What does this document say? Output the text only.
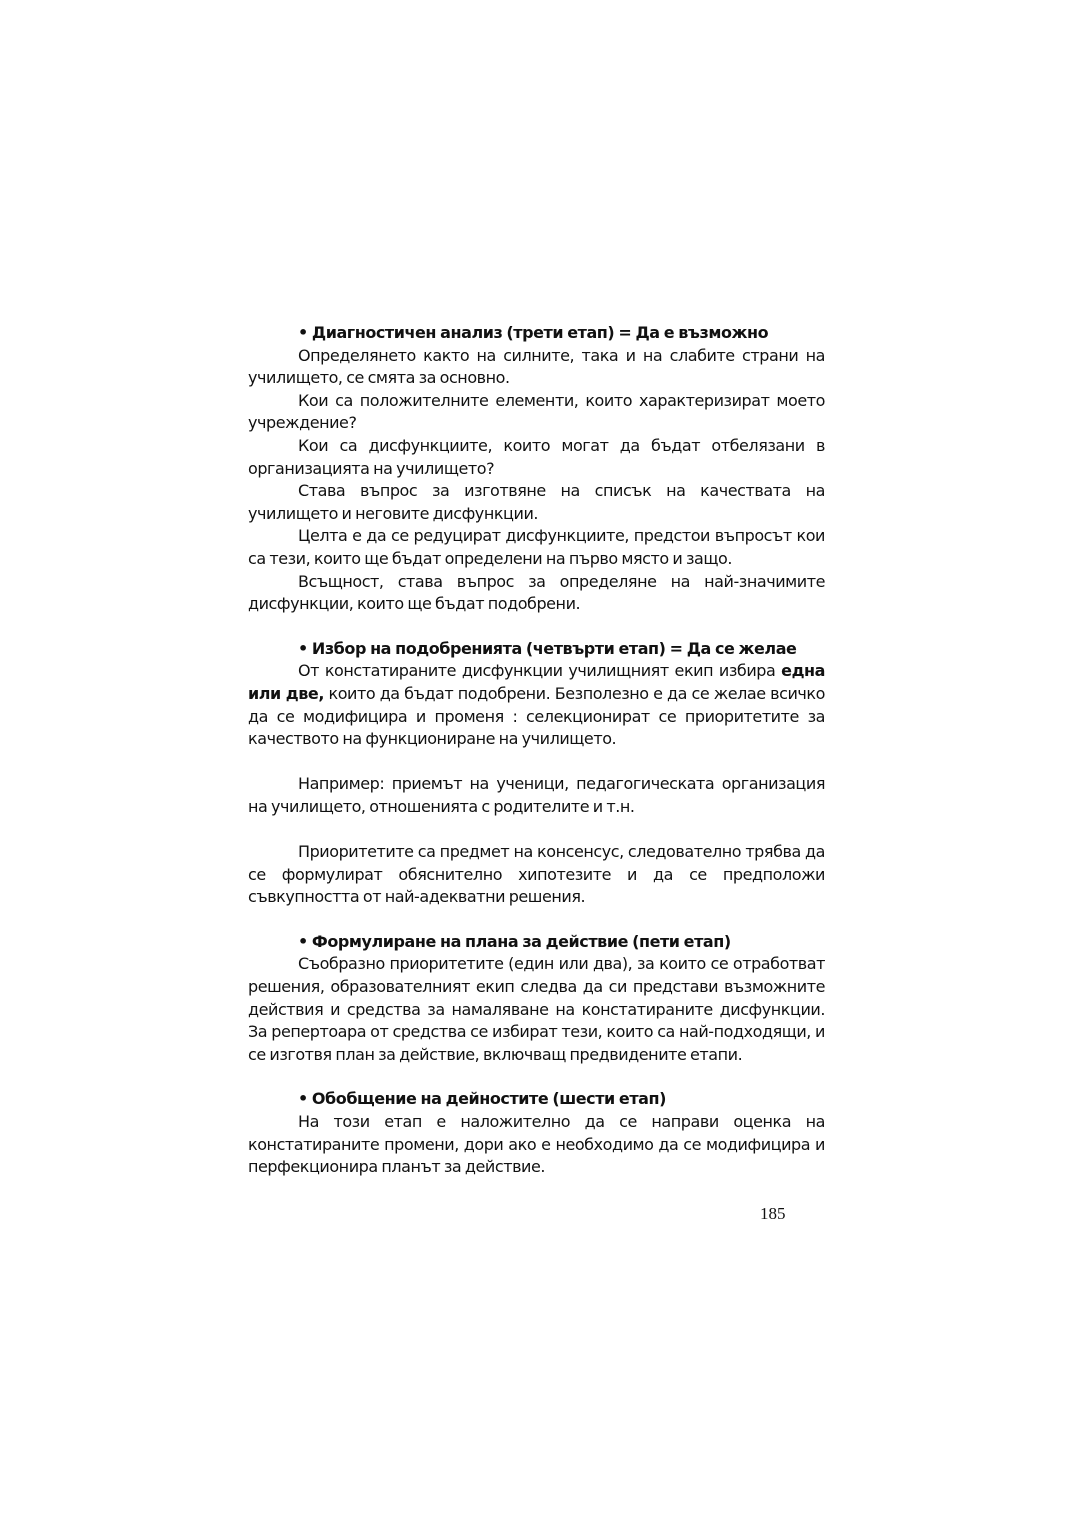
• Диагностичен анализ (трети етап) = Да е възможно

Определянето както на силните, така и на слабите страни на училището, се смята за основно.

Кои са положителните елементи, които характеризират моето учреждение?

Кои са дисфункциите, които могат да бъдат отбелязани в организацията на училището?

Става въпрос за изготвяне на списък на качествата на училището и неговите дисфункции.

Целта е да се редуцират дисфункциите, предстои въпросът кои са тези, които ще бъдат определени на първо място и защо.

Всъщност, става въпрос за определяне на най-значимите дисфункции, които ще бъдат подобрени.

• Избор на подобренията (четвърти етап) = Да се желае

От констатираните дисфункции училищният екип избира една или две, които да бъдат подобрени. Безполезно е да се желае всичко да се модифицира и променя : селекционират се приоритетите за качеството на функциониране на училището.

Например: приемът на ученици, педагогическата организация на училището, отношенията с родителите и т.н.

Приоритетите са предмет на консенсус, следователно трябва да се формулират обяснително хипотезите и да се предположи съвкупността от най-адекватни решения.

• Формулиране на плана за действие (пети етап)

Съобразно приоритетите (един или два), за които се отработват решения, образователният екип следва да си представи възможните действия и средства за намаляване на констатираните дисфункции. За репертоара от средства се избират тези, които са най-подходящи, и се изготвя план за действие, включващ предвидените етапи.

• Обобщение на дейностите (шести етап)

На този етап е наложително да се направи оценка на констатираните промени, дори ако е необходимо да се модифицира и перфекционира планът за действие.

185
